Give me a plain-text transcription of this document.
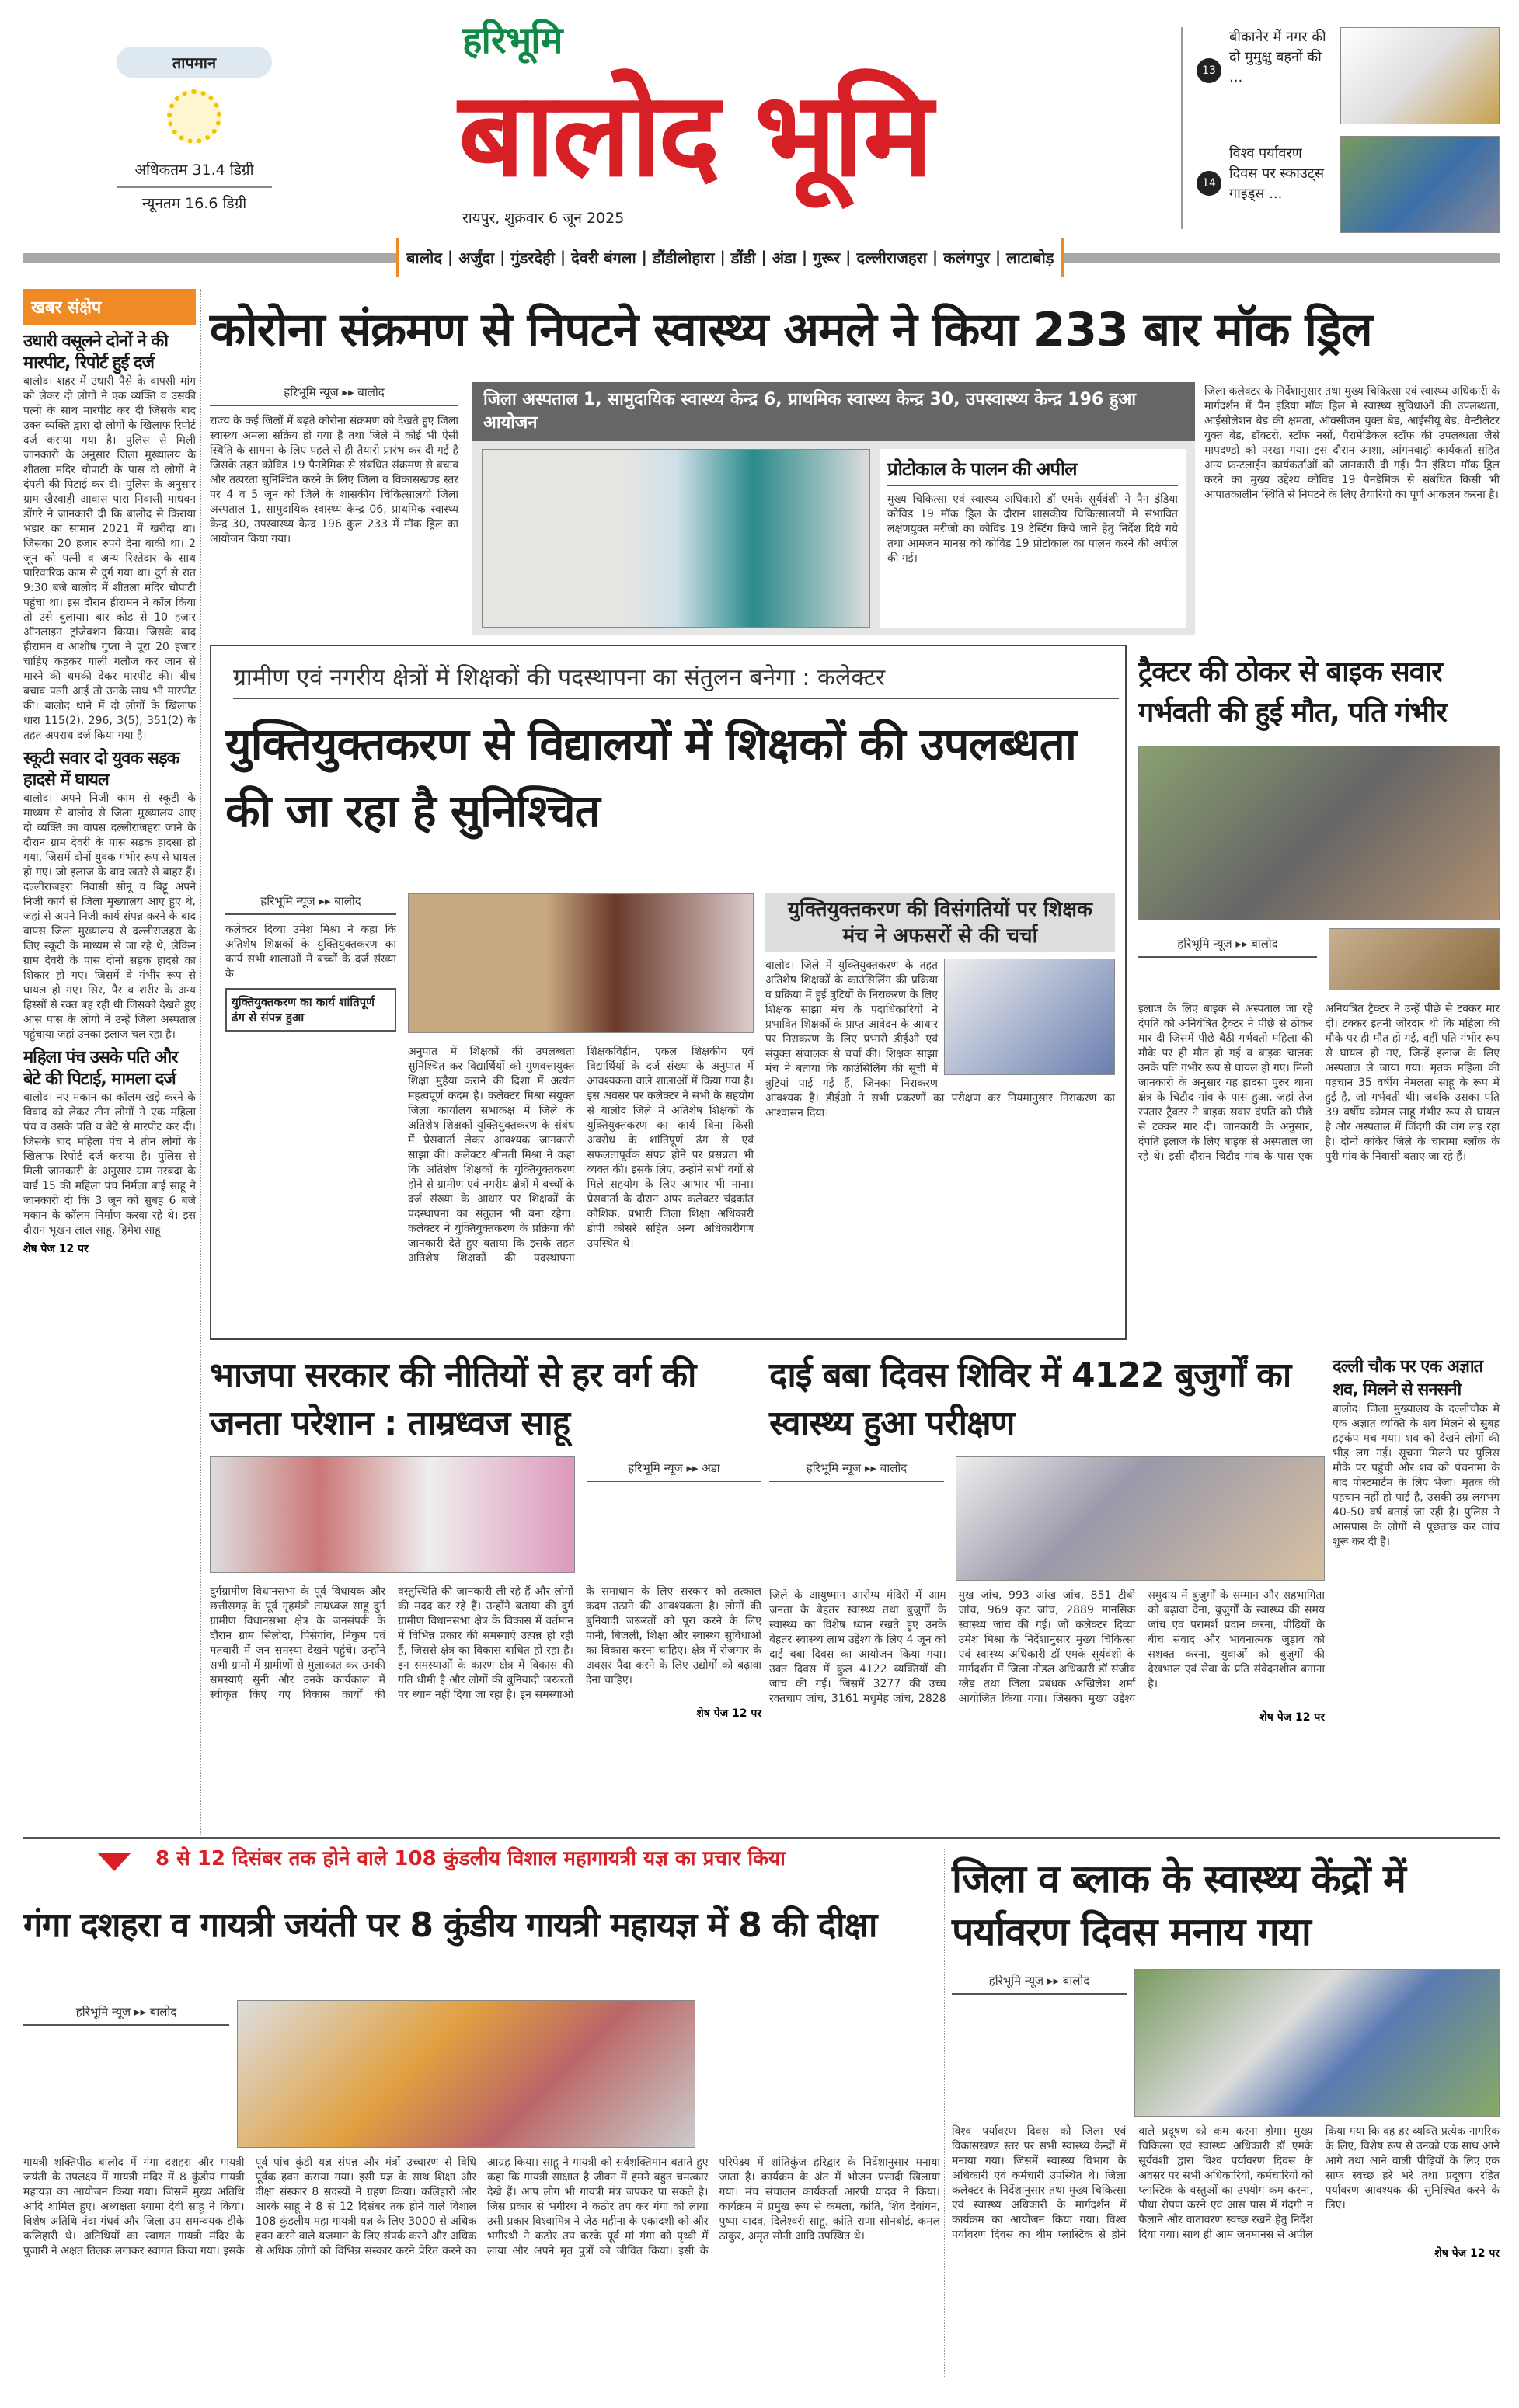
तापमान
अधिकतम 31.4 डिग्री
न्यूनतम 16.6 डिग्री
हरिभूमि
बालोद भूमि
रायपुर, शुक्रवार 6 जून 2025
बालोद | अर्जुंदा | गुंडरदेही | देवरी बंगला | डौंडीलोहारा | डौंडी | अंडा | गुरूर | दल्लीराजहरा | कलंगपुर | लाटाबोड़
13
बीकानेर में नगर की दो मुमुक्षु बहनों की ...
14
विश्व पर्यावरण दिवस पर स्काउट्स गाइड्स ...
खबर संक्षेप
उधारी वसूलने दोनों ने की मारपीट, रिपोर्ट हुई दर्ज
बालोद। शहर में उधारी पैसे के वापसी मांग को लेकर दो लोगों ने एक व्यक्ति व उसकी पत्नी के साथ मारपीट कर दी जिसके बाद उक्त व्यक्ति द्वारा दो लोगों के खिलाफ रिपोर्ट दर्ज कराया गया है। पुलिस से मिली जानकारी के अनुसार जिला मुख्यालय के शीतला मंदिर चौपाटी के पास दो लोगों ने दंपती की पिटाई कर दी। पुलिस के अनुसार ग्राम खैरवाही आवास पारा निवासी माधवन डोंगरे ने जानकारी दी कि बालोद से किराया भंडार का सामान 2021 में खरीदा था। जिसका 20 हजार रुपये देना बाकी था। 2 जून को पत्नी व अन्य रिश्तेदार के साथ पारिवारिक काम से दुर्ग गया था। दुर्ग से रात 9:30 बजे बालोद में शीतला मंदिर चौपाटी पहुंचा था। इस दौरान हीरामन ने कॉल किया तो उसे बुलाया। बार कोड से 10 हजार ऑनलाइन ट्रांजेक्शन किया। जिसके बाद हीरामन व आशीष गुप्ता ने पूरा 20 हजार चाहिए कहकर गाली गलौज कर जान से मारने की धमकी देकर मारपीट की। बीच बचाव पत्नी आई तो उनके साथ भी मारपीट की। बालोद थाने में दो लोगों के खिलाफ धारा 115(2), 296, 3(5), 351(2) के तहत अपराध दर्ज किया गया है।
स्कूटी सवार दो युवक सड़क हादसे में घायल
बालोद। अपने निजी काम से स्कूटी के माध्यम से बालोद से जिला मुख्यालय आए दो व्यक्ति का वापस दल्लीराजहरा जाने के दौरान ग्राम देवरी के पास सड़क हादसा हो गया, जिसमें दोनों युवक गंभीर रूप से घायल हो गए। जो इलाज के बाद खतरे से बाहर हैं। दल्लीराजहरा निवासी सोनू व बिट्टू अपने निजी कार्य से जिला मुख्यालय आए हुए थे, जहां से अपने निजी कार्य संपन्न करने के बाद वापस जिला मुख्यालय से दल्लीराजहरा के लिए स्कूटी के माध्यम से जा रहे थे, लेकिन ग्राम देवरी के पास दोनों सड़क हादसे का शिकार हो गए। जिसमें वे गंभीर रूप से घायल हो गए। सिर, पैर व शरीर के अन्य हिस्सों से रक्त बह रही थी जिसको देखते हुए आस पास के लोगों ने उन्हें जिला अस्पताल पहुंचाया जहां उनका इलाज चल रहा है।
महिला पंच उसके पति और बेटे की पिटाई, मामला दर्ज
बालोद। नए मकान का कॉलम खड़े करने के विवाद को लेकर तीन लोगों ने एक महिला पंच व उसके पति व बेटे से मारपीट कर दी। जिसके बाद महिला पंच ने तीन लोगों के खिलाफ रिपोर्ट दर्ज कराया है। पुलिस से मिली जानकारी के अनुसार ग्राम नरबदा के वार्ड 15 की महिला पंच निर्मला बाई साहू ने जानकारी दी कि 3 जून को सुबह 6 बजे मकान के कॉलम निर्माण करवा रहे थे। इस दौरान भूखन लाल साहू, हिमेश साहू
शेष पेज 12 पर
कोरोना संक्रमण से निपटने स्वास्थ्य अमले ने किया 233 बार मॉक ड्रिल
हरिभूमि न्यूज ▸▸ बालोद
राज्य के कई जिलों में बढ़ते कोरोना संक्रमण को देखते हुए जिला स्वास्थ्य अमला सक्रिय हो गया है तथा जिले में कोई भी ऐसी स्थिति के सामना के लिए पहले से ही तैयारी प्रारंभ कर दी गई है जिसके तहत कोविड 19 पैनडेमिक से संबंधित संक्रमण से बचाव और तत्परता सुनिश्चित करने के लिए जिला व विकासखण्ड स्तर पर 4 व 5 जून को जिले के शासकीय चिकित्सालयों जिला अस्पताल 1, सामुदायिक स्वास्थ्य केन्द्र 06, प्राथमिक स्वास्थ्य केन्द्र 30, उपस्वास्थ्य केन्द्र 196 कुल 233 में मॉक ड्रिल का आयोजन किया गया।
जिला अस्पताल 1, सामुदायिक स्वास्थ्य केन्द्र 6, प्राथमिक स्वास्थ्य केन्द्र 30, उपस्वास्थ्य केन्द्र 196 हुआ आयोजन
प्रोटोकाल के पालन की अपील
मुख्य चिकित्सा एवं स्वास्थ्य अधिकारी डॉ एमके सूर्यवंशी ने पैन इंडिया कोविड 19 मॉक ड्रिल के दौरान शासकीय चिकित्सालयों मे संभावित लक्षणयुक्त मरीजो का कोविड 19 टेस्टिंग किये जाने हेतु निर्देश दिये गये तथा आमजन मानस को कोविड 19 प्रोटोकाल का पालन करने की अपील की गई।
जिला कलेक्टर के निर्देशानुसार तथा मुख्य चिकित्सा एवं स्वास्थ्य अधिकारी के मार्गदर्शन में पैन इंडिया मॉक ड्रिल मे स्वास्थ्य सुविधाओं की उपलब्धता, आईसोलेशन बेड की क्षमता, ऑक्सीजन युक्त बेड, आईसीयू बेड, वेन्टीलेटर युक्त बेड, डॉक्टरो, स्टॉफ नर्सो, पैरामेडिकल स्टॉफ की उपलब्धता जैसे मापदण्डो को परखा गया। इस दौरान आशा, आंगनबाड़ी कार्यकर्ता सहित अन्य फ्रन्टलाईन कार्यकर्ताओं को जानकारी दी गई। पैन इंडिया मॉक ड्रिल करने का मुख्य उद्देश्य कोविड 19 पैनडेमिक से संबंधित किसी भी आपातकालीन स्थिति से निपटने के लिए तैयारियो का पूर्ण आकलन करना है।
ग्रामीण एवं नगरीय क्षेत्रों में शिक्षकों की पदस्थापना का संतुलन बनेगा : कलेक्टर
युक्तियुक्तकरण से विद्यालयों में शिक्षकों की उपलब्धता की जा रहा है सुनिश्चित
हरिभूमि न्यूज ▸▸ बालोद
कलेक्टर दिव्या उमेश मिश्रा ने कहा कि अतिशेष शिक्षकों के युक्तियुक्तकरण का कार्य सभी शालाओं में बच्चों के दर्ज संख्या के
युक्तियुक्तकरण का कार्य शांतिपूर्ण ढंग से संपन्न हुआ
अनुपात में शिक्षकों की उपलब्धता सुनिश्चित कर विद्यार्थियों को गुणवत्तायुक्त शिक्षा मुहैया कराने की दिशा में अत्यंत महत्वपूर्ण कदम है। कलेक्टर मिश्रा संयुक्त जिला कार्यालय सभाकक्ष में जिले के अतिशेष शिक्षकों युक्तियुक्तकरण के संबंध में प्रेसवार्ता लेकर आवश्यक जानकारी साझा की। कलेक्टर श्रीमती मिश्रा ने कहा कि अतिशेष शिक्षकों के युक्तियुक्तकरण होने से ग्रामीण एवं नगरीय क्षेत्रों में बच्चों के दर्ज संख्या के आधार पर शिक्षकों के पदस्थापना का संतुलन भी बना रहेगा। कलेक्टर ने युक्तियुक्तकरण के प्रक्रिया की जानकारी देते हुए बताया कि इसके तहत अतिशेष शिक्षकों की पदस्थापना शिक्षकविहीन, एकल शिक्षकीय एवं विद्यार्थियों के दर्ज संख्या के अनुपात में आवश्यकता वाले शालाओं में किया गया है। इस अवसर पर कलेक्टर ने सभी के सहयोग से बालोद जिले में अतिशेष शिक्षकों के युक्तियुक्तकरण का कार्य बिना किसी अवरोध के शांतिपूर्ण ढंग से एवं सफलतापूर्वक संपन्न होने पर प्रसन्नता भी व्यक्त की। इसके लिए, उन्होंने सभी वर्गो से मिले सहयोग के लिए आभार भी माना। प्रेसवार्ता के दौरान अपर कलेक्टर चंद्रकांत कौशिक, प्रभारी जिला शिक्षा अधिकारी डीपी कोसरे सहित अन्य अधिकारीगण उपस्थित थे।
युक्तियुक्तकरण की विसंगतियों पर शिक्षक मंच ने अफसरों से की चर्चा
बालोद। जिले में युक्तियुक्तकरण के तहत अतिशेष शिक्षकों के काउंसिलिंग की प्रक्रिया व प्रक्रिया में हुई त्रुटियों के निराकरण के लिए शिक्षक साझा मंच के पदाधिकारियों ने प्रभावित शिक्षकों के प्राप्त आवेदन के आधार पर निराकरण के लिए प्रभारी डीईओ एवं संयुक्त संचालक से चर्चा की। शिक्षक साझा मंच ने बताया कि काउंसिलिंग की सूची में त्रुटियां पाई गई हैं, जिनका निराकरण आवश्यक है। डीईओ ने सभी प्रकरणों का परीक्षण कर नियमानुसार निराकरण का आश्वासन दिया।
ट्रैक्टर की ठोकर से बाइक सवार गर्भवती की हुई मौत, पति गंभीर
हरिभूमि न्यूज ▸▸ बालोद
इलाज के लिए बाइक से अस्पताल जा रहे दंपति को अनियंत्रित ट्रैक्टर ने पीछे से ठोकर मार दी जिसमें पीछे बैठी गर्भवती महिला की मौके पर ही मौत हो गई व बाइक चालक उनके पति गंभीर रूप से घायल हो गए। मिली जानकारी के अनुसार यह हादसा पुरुर थाना क्षेत्र के चिटौद गांव के पास हुआ, जहां तेज रफ्तार ट्रैक्टर ने बाइक सवार दंपति को पीछे से टक्कर मार दी। जानकारी के अनुसार, दंपति इलाज के लिए बाइक से अस्पताल जा रहे थे। इसी दौरान चिटौद गांव के पास एक अनियंत्रित ट्रैक्टर ने उन्हें पीछे से टक्कर मार दी। टक्कर इतनी जोरदार थी कि महिला की मौके पर ही मौत हो गई, वहीं पति गंभीर रूप से घायल हो गए, जिन्हें इलाज के लिए अस्पताल ले जाया गया। मृतक महिला की पहचान 35 वर्षीय नेमलता साहू के रूप में हुई है, जो गर्भवती थी। जबकि उसका पति 39 वर्षीय कोमल साहू गंभीर रूप से घायल है और अस्पताल में जिंदगी की जंग लड़ रहा है। दोनों कांकेर जिले के चारामा ब्लॉक के पुरी गांव के निवासी बताए जा रहे हैं।
भाजपा सरकार की नीतियों से हर वर्ग की जनता परेशान : ताम्रध्वज साहू
हरिभूमि न्यूज ▸▸ अंडा
दुर्गग्रामीण विधानसभा के पूर्व विधायक और छत्तीसगढ़ के पूर्व गृहमंत्री ताम्रध्वज साहू दुर्ग ग्रामीण विधानसभा क्षेत्र के जनसंपर्क के दौरान ग्राम सिलोदा, पिसेगांव, निकुम एवं मतवारी में जन समस्या देखने पहुंचे। उन्होंने सभी ग्रामों में ग्रामीणों से मुलाकात कर उनकी समस्याएं सुनी और उनके कार्यकाल में स्वीकृत किए गए विकास कार्यों की वस्तुस्थिति की जानकारी ली रहे हैं और लोगों की मदद कर रहे हैं। उन्होंने बताया की दुर्ग ग्रामीण विधानसभा क्षेत्र के विकास में वर्तमान में विभिन्न प्रकार की समस्याएं उत्पन्न हो रही हैं, जिससे क्षेत्र का विकास बाधित हो रहा है। इन समस्याओं के कारण क्षेत्र में विकास की गति धीमी है और लोगों की बुनियादी जरूरतों पर ध्यान नहीं दिया जा रहा है। इन समस्याओं के समाधान के लिए सरकार को तत्काल कदम उठाने की आवश्यकता है। लोगों की बुनियादी जरूरतों को पूरा करने के लिए पानी, बिजली, शिक्षा और स्वास्थ्य सुविधाओं का विकास करना चाहिए। क्षेत्र में रोजगार के अवसर पैदा करने के लिए उद्योगों को बढ़ावा देना चाहिए।
शेष पेज 12 पर
दाई बबा दिवस शिविर में 4122 बुजुर्गों का स्वास्थ्य हुआ परीक्षण
हरिभूमि न्यूज ▸▸ बालोद
जिले के आयुष्मान आरोग्य मंदिरों में आम जनता के बेहतर स्वास्थ्य तथा बुजुर्गों के स्वास्थ्य का विशेष ध्यान रखते हुए उनके बेहतर स्वास्थ्य लाभ उद्देश्य के लिए 4 जून को दाई बबा दिवस का आयोजन किया गया। उक्त दिवस में कुल 4122 व्यक्तियों की जांच की गई। जिसमें 3277 की उच्च रक्तचाप जांच, 3161 मधुमेह जांच, 2828 मुख जांच, 993 आंख जांच, 851 टीबी जांच, 969 कृट जांच, 2889 मानसिक स्वास्थ्य जांच की गई। जो कलेक्टर दिव्या उमेश मिश्रा के निर्देशानुसार मुख्य चिकित्सा एवं स्वास्थ्य अधिकारी डॉ एमके सूर्यवंशी के मार्गदर्शन में जिला नोडल अधिकारी डॉ संजीव ग्लैड तथा जिला प्रबंधक अखिलेश शर्मा आयोजित किया गया। जिसका मुख्य उद्देश्य समुदाय में बुजुर्गों के सम्मान और सहभागिता को बढ़ावा देना, बुजुर्गों के स्वास्थ्य की समय जांच एवं परामर्श प्रदान करना, पीढ़ियों के बीच संवाद और भावनात्मक जुड़ाव को सशक्त करना, युवाओं को बुजुर्गों की देखभाल एवं सेवा के प्रति संवेदनशील बनाना है।
शेष पेज 12 पर
दल्ली चौक पर एक अज्ञात शव, मिलने से सनसनी
बालोद। जिला मुख्यालय के दल्लीचौक मे एक अज्ञात व्यक्ति के शव मिलने से सुबह हड़कंप मच गया। शव को देखने लोगों की भीड़ लग गई। सूचना मिलने पर पुलिस मौके पर पहुंची और शव को पंचनामा के बाद पोस्टमार्टम के लिए भेजा। मृतक की पहचान नहीं हो पाई है, उसकी उम्र लगभग 40-50 वर्ष बताई जा रही है। पुलिस ने आसपास के लोगों से पूछताछ कर जांच शुरू कर दी है।
8 से 12 दिसंबर तक होने वाले 108 कुंडलीय विशाल महागायत्री यज्ञ का प्रचार किया
गंगा दशहरा व गायत्री जयंती पर 8 कुंडीय गायत्री महायज्ञ में 8 की दीक्षा
हरिभूमि न्यूज ▸▸ बालोद
गायत्री शक्तिपीठ बालोद में गंगा दशहरा और गायत्री जयंती के उपलक्ष्य में गायत्री मंदिर में 8 कुंडीय गायत्री महायज्ञ का आयोजन किया गया। जिसमें मुख्य अतिथि आदि शामिल हुए। अध्यक्षता श्यामा देवी साहू ने किया। विशेष अतिथि नंदा गंधर्व और जिला उप समन्वयक डीके कलिहारी थे। अतिथियों का स्वागत गायत्री मंदिर के पुजारी ने अक्षत तिलक लगाकर स्वागत किया गया। इसके पूर्व पांच कुंडी यज्ञ संपन्न और मंत्रों उच्चारण से विधि पूर्वक हवन कराया गया। इसी यज्ञ के साथ शिक्षा और दीक्षा संस्कार 8 सदस्यों ने ग्रहण किया। कलिहारी और आरके साहू ने 8 से 12 दिसंबर तक होने वाले विशाल 108 कुंडलीय महा गायत्री यज्ञ के लिए 3000 से अधिक हवन करने वाले यजमान के लिए संपर्क करने और अधिक से अधिक लोगों को विभिन्न संस्कार करने प्रेरित करने का आग्रह किया। साहू ने गायत्री को सर्वशक्तिमान बताते हुए कहा कि गायत्री साक्षात है जीवन में हमने बहुत चमत्कार देखे हैं। आप लोग भी गायत्री मंत्र जपकर पा सकते है। जिस प्रकार से भगीरथ ने कठोर तप कर गंगा को लाया उसी प्रकार विश्वामित्र ने जेठ महीना के एकादशी को और भगीरथी ने कठोर तप करके पूर्व मां गंगा को पृथ्वी में लाया और अपने मृत पुत्रों को जीवित किया। इसी के परिपेक्ष्य में शांतिकुंज हरिद्वार के निर्देशानुसार मनाया जाता है। कार्यक्रम के अंत में भोजन प्रसादी खिलाया गया। मंच संचालन कार्यकर्ता आरपी यादव ने किया। कार्यक्रम में प्रमुख रूप से कमला, कांति, शिव देवांगन, पुष्पा यादव, दिलेश्वरी साहू, कांति राणा सोनबोई, कमल ठाकुर, अमृत सोनी आदि उपस्थित थे।
जिला व ब्लाक के स्वास्थ्य केंद्रों में पर्यावरण दिवस मनाय गया
हरिभूमि न्यूज ▸▸ बालोद
विश्व पर्यावरण दिवस को जिला एवं विकासखण्ड स्तर पर सभी स्वास्थ्य केन्द्रों में मनाया गया। जिसमें स्वास्थ्य विभाग के अधिकारी एवं कर्मचारी उपस्थित थे। जिला कलेक्टर के निर्देशानुसार तथा मुख्य चिकित्सा एवं स्वास्थ्य अधिकारी के मार्गदर्शन में कार्यक्रम का आयोजन किया गया। विश्व पर्यावरण दिवस का थीम प्लास्टिक से होने वाले प्रदूषण को कम करना होगा। मुख्य चिकित्सा एवं स्वास्थ्य अधिकारी डॉ एमके सूर्यवंशी द्वारा विश्व पर्यावरण दिवस के अवसर पर सभी अधिकारियों, कर्मचारियों को प्लास्टिक के वस्तुओं का उपयोग कम करना, पौधा रोपण करने एवं आस पास में गंदगी न फैलाने और वातावरण स्वच्छ रखने हेतु निर्देश दिया गया। साथ ही आम जनमानस से अपील किया गया कि वह हर व्यक्ति प्रत्येक नागरिक के लिए, विशेष रूप से उनको एक साथ आने आगे तथा आने वाली पीढ़ियों के लिए एक साफ स्वच्छ हरे भरे तथा प्रदूषण रहित पर्यावरण आवश्यक की सुनिश्चित करने के लिए।
शेष पेज 12 पर
